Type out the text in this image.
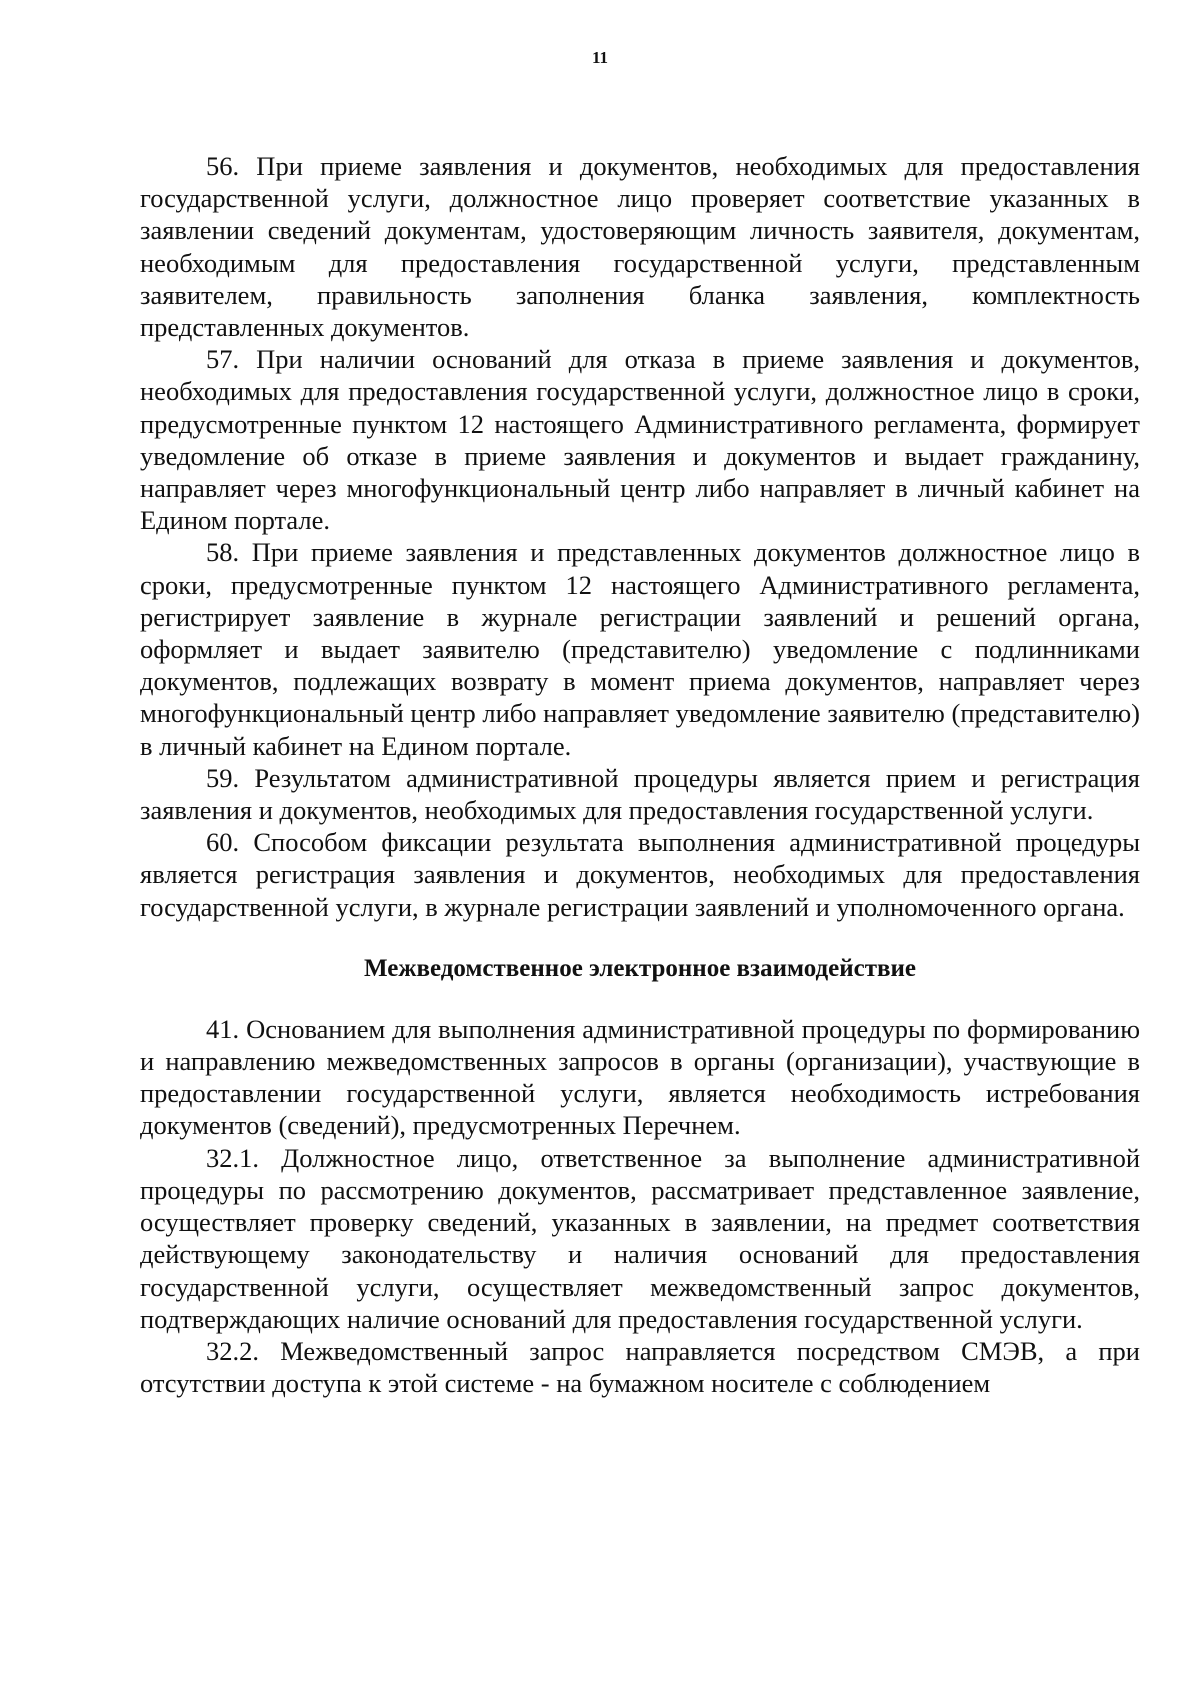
11

56. При приеме заявления и документов, необходимых для предоставления государственной услуги, должностное лицо проверяет соответствие указанных в заявлении сведений документам, удостоверяющим личность заявителя, документам, необходимым для предоставления государственной услуги, представленным заявителем, правильность заполнения бланка заявления, комплектность представленных документов.

57. При наличии оснований для отказа в приеме заявления и документов, необходимых для предоставления государственной услуги, должностное лицо в сроки, предусмотренные пунктом 12 настоящего Административного регламента, формирует уведомление об отказе в приеме заявления и документов и выдает гражданину, направляет через многофункциональный центр либо направляет в личный кабинет на Едином портале.

58. При приеме заявления и представленных документов должностное лицо в сроки, предусмотренные пунктом 12 настоящего Административного регламента, регистрирует заявление в журнале регистрации заявлений и решений органа, оформляет и выдает заявителю (представителю) уведомление с подлинниками документов, подлежащих возврату в момент приема документов, направляет через многофункциональный центр либо направляет уведомление заявителю (представителю) в личный кабинет на Едином портале.

59. Результатом административной процедуры является прием и регистрация заявления и документов, необходимых для предоставления государственной услуги.

60. Способом фиксации результата выполнения административной процедуры является регистрация заявления и документов, необходимых для предоставления государственной услуги, в журнале регистрации заявлений и уполномоченного органа.

Межведомственное электронное взаимодействие

41. Основанием для выполнения административной процедуры по формированию и направлению межведомственных запросов в органы (организации), участвующие в предоставлении государственной услуги, является необходимость истребования документов (сведений), предусмотренных Перечнем.

32.1. Должностное лицо, ответственное за выполнение административной процедуры по рассмотрению документов, рассматривает представленное заявление, осуществляет проверку сведений, указанных в заявлении, на предмет соответствия действующему законодательству и наличия оснований для предоставления государственной услуги, осуществляет межведомственный запрос документов, подтверждающих наличие оснований для предоставления государственной услуги.

32.2. Межведомственный запрос направляется посредством СМЭВ, а при отсутствии доступа к этой системе - на бумажном носителе с соблюдением
